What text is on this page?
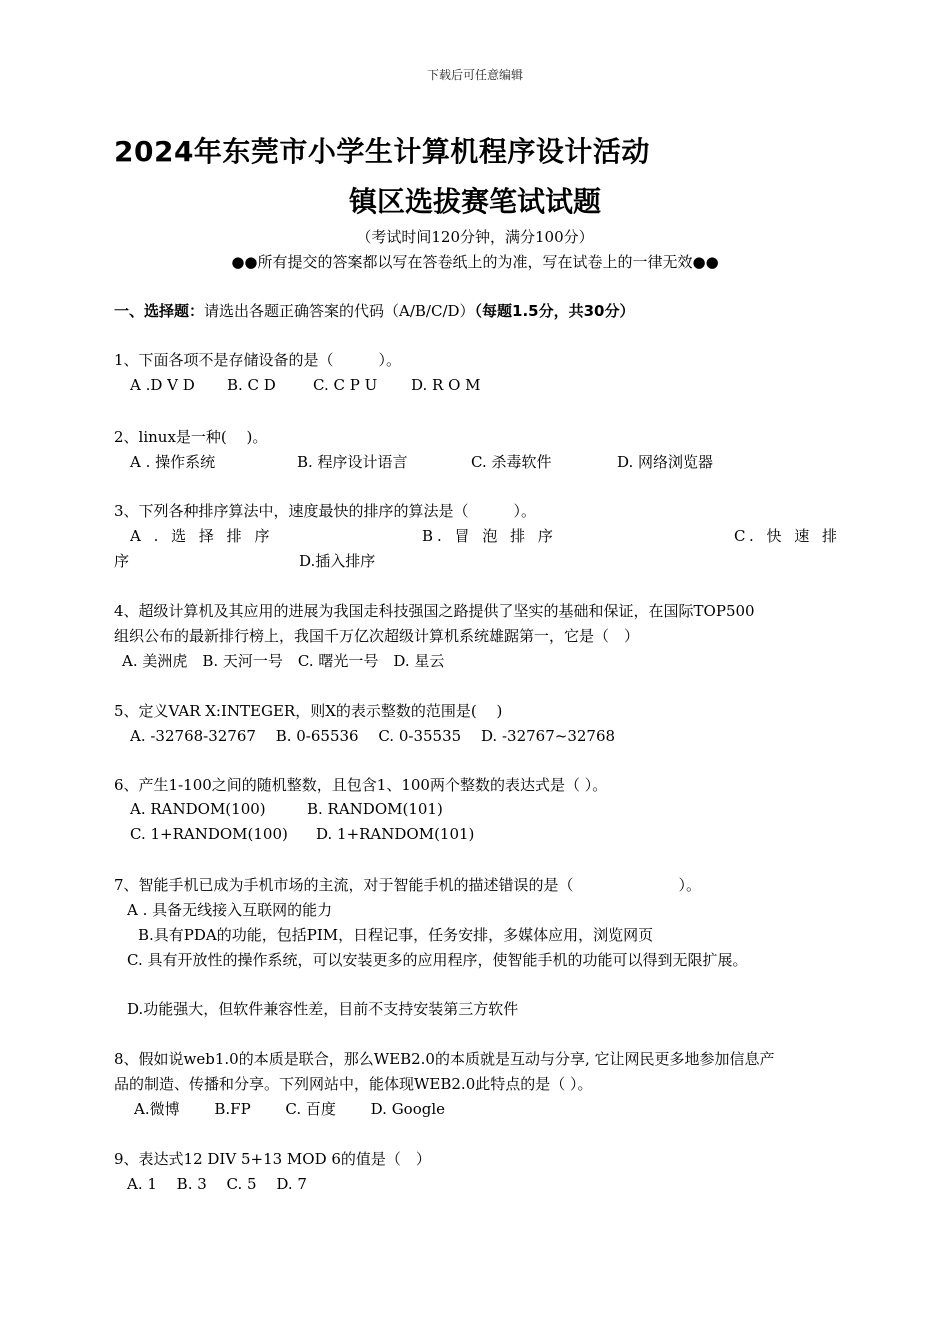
下载后可任意编辑
2024年东莞市小学生计算机程序设计活动
镇区选拔赛笔试试题
（考试时间120分钟，满分100分）
●●所有提交的答案都以写在答卷纸上的为准，写在试卷上的一律无效●●
一、选择题：请选出各题正确答案的代码（A/B/C/D）（每题1.5分，共30分）
1、下面各项不是存储设备的是（　　　）。
A .D V D B. C D C. C P U D. R O M
2、linux是一种(　 )。
A . 操作系统	B. 程序设计语言	C. 杀毒软件	D. 网络浏览器
3、下列各种排序算法中，速度最快的排序的算法是（　　　）。
A . 选 择 排 序	B. 冒 泡 排 序	C. 快 速 排
序	D.插入排序
4、超级计算机及其应用的进展为我国走科技强国之路提供了坚实的基础和保证，在国际TOP500
组织公布的最新排行榜上，我国千万亿次超级计算机系统雄踞第一，它是（　）
A. 美洲虎　B. 天河一号　C. 曙光一号　D. 星云
5、定义VAR X:INTEGER，则X的表示整数的范围是(　 )
A. -32768-32767　 B. 0-65536　 C. 0-35535　 D. -32767~32768
6、产生1-100之间的随机整数，且包含1、100两个整数的表达式是（ ）。
A. RANDOM(100)	B. RANDOM(101)
C. 1+RANDOM(100) D. 1+RANDOM(101)
7、智能手机已成为手机市场的主流，对于智能手机的描述错误的是（　　　　　　　）。
A . 具备无线接入互联网的能力
B.具有PDA的功能，包括PIM，日程记事，任务安排，多媒体应用，浏览网页
C. 具有开放性的操作系统，可以安装更多的应用程序，使智能手机的功能可以得到无限扩展。
D.功能强大，但软件兼容性差，目前不支持安装第三方软件
8、假如说web1.0的本质是联合，那么WEB2.0的本质就是互动与分享, 它让网民更多地参加信息产
品的制造、传播和分享。下列网站中，能体现WEB2.0此特点的是（ ）。
A.微博　　 B.FP　　 C. 百度　　 D. Google
9、表达式12 DIV 5+13 MOD 6的值是（　）
A. 1　 B. 3　 C. 5　 D. 7
